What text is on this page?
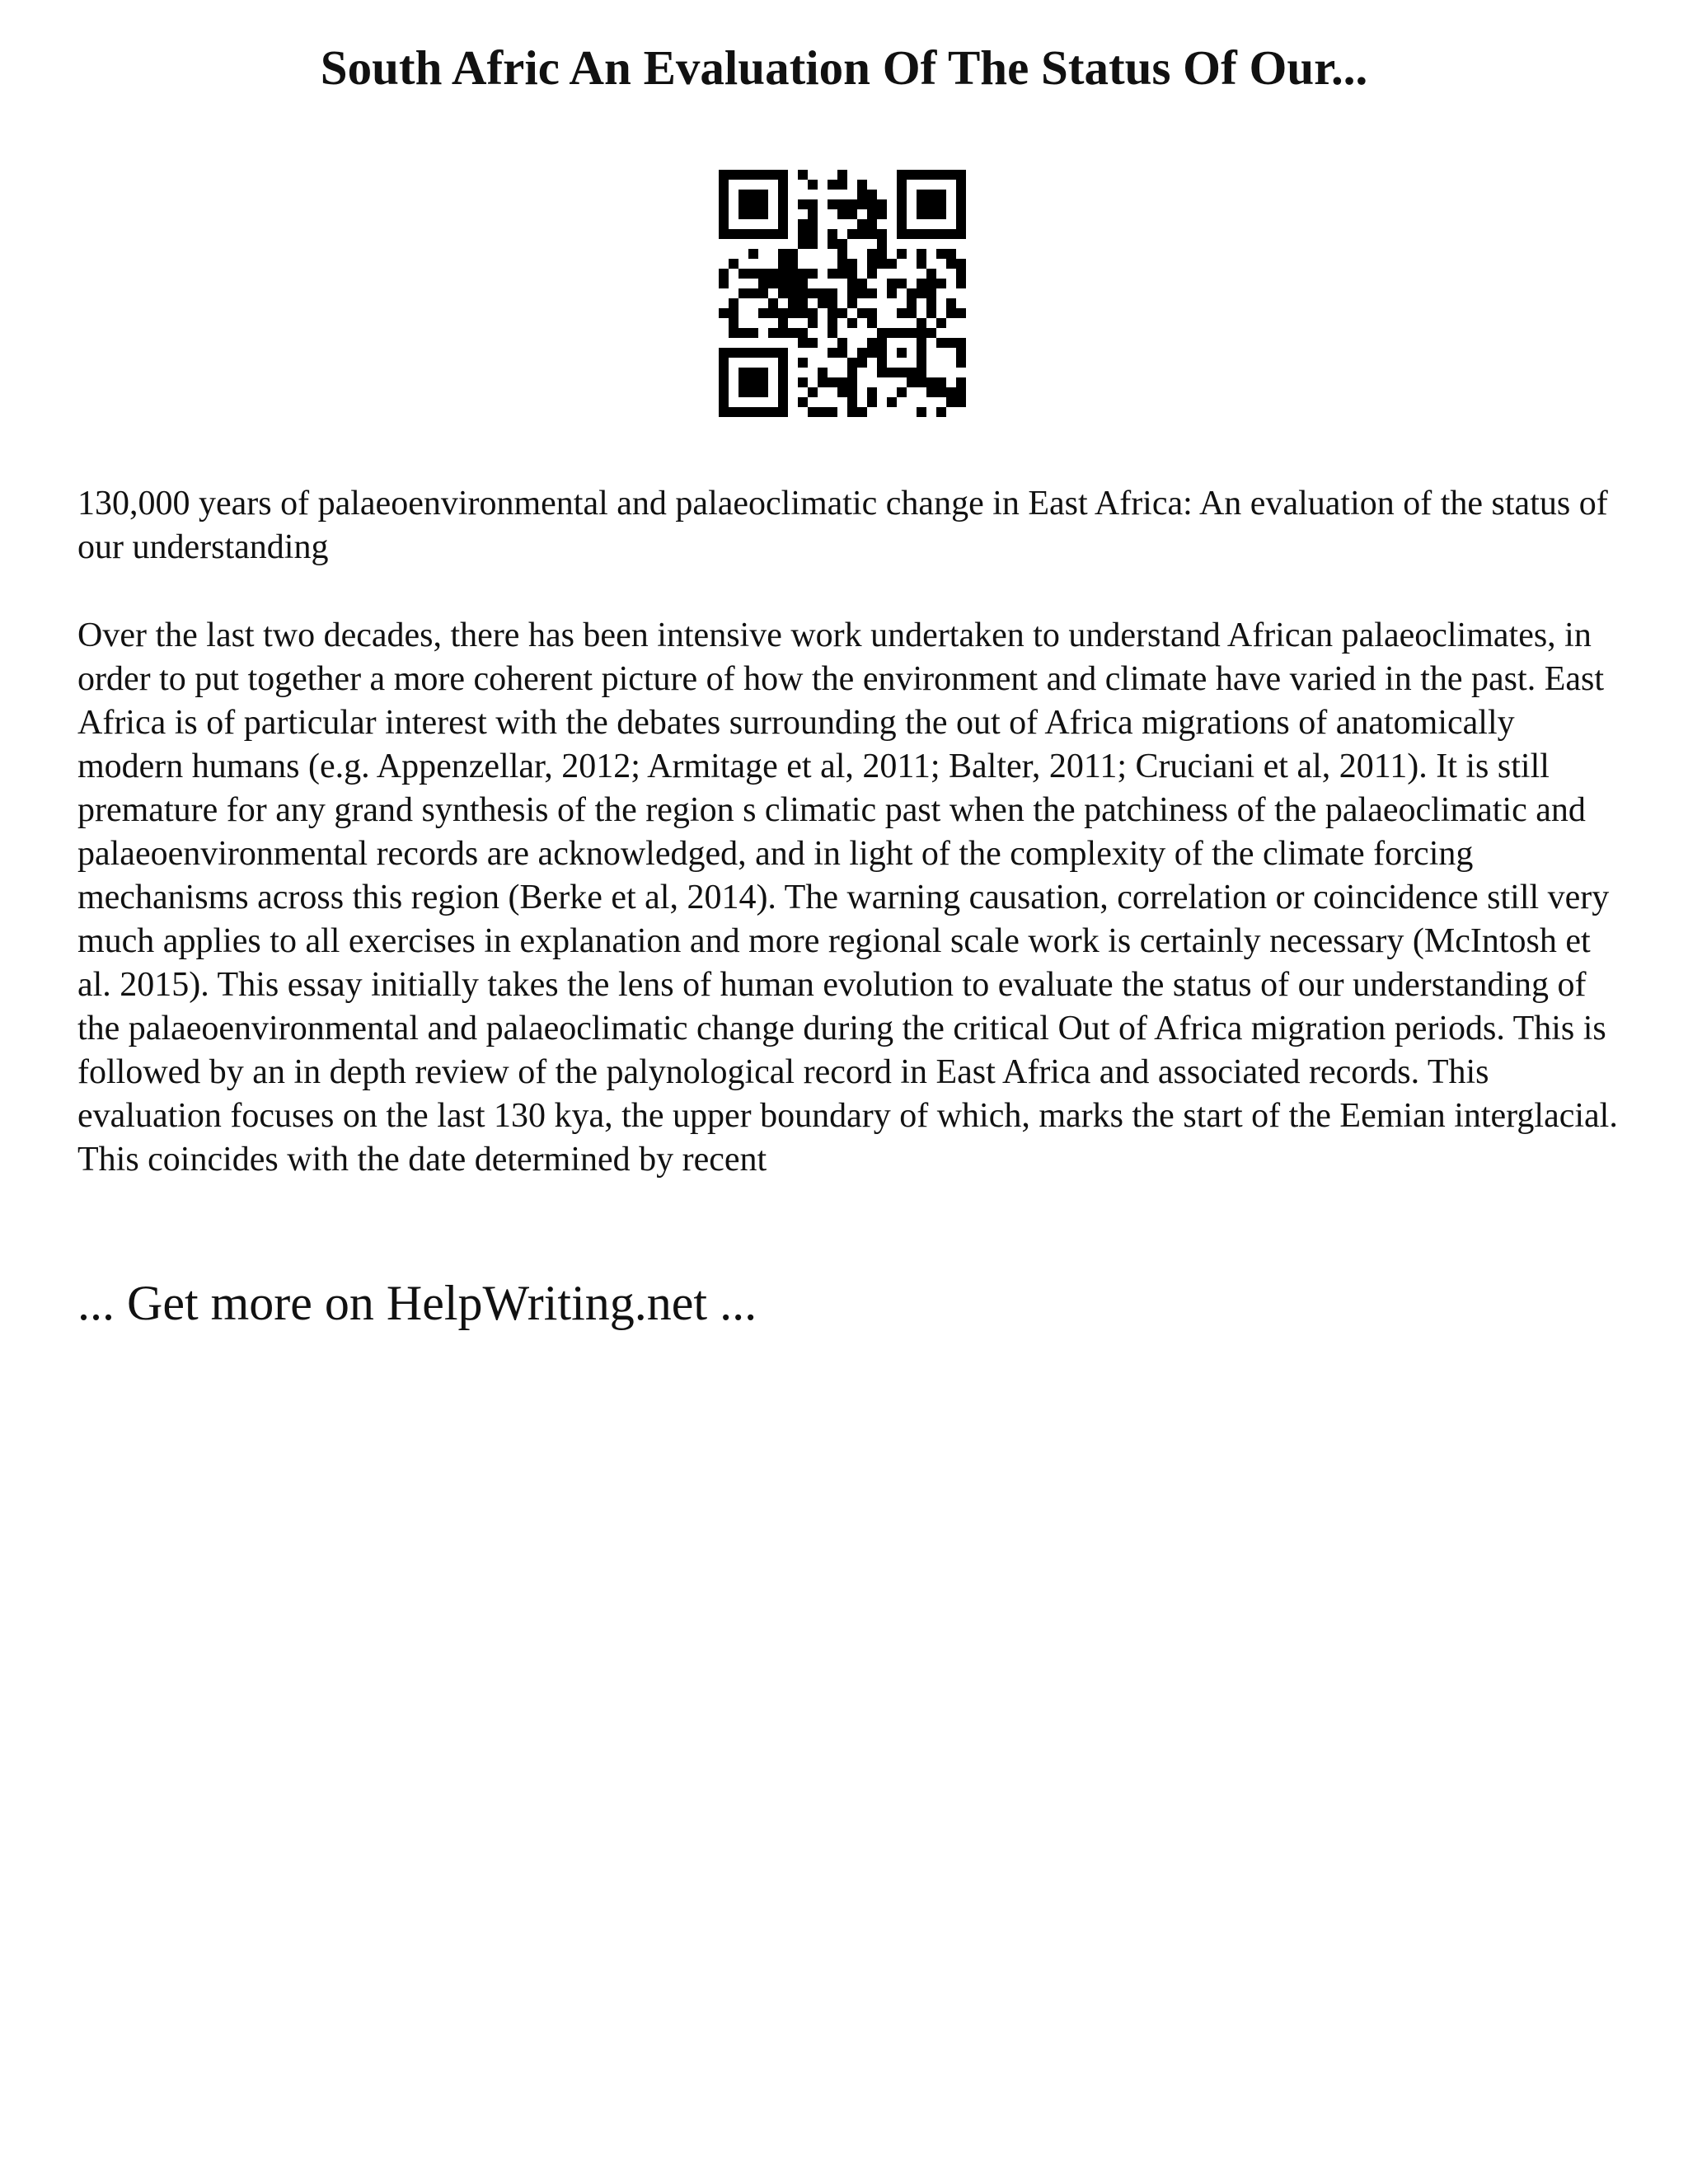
South Afric An Evaluation Of The Status Of Our...

130,000 years of palaeoenvironmental and palaeoclimatic change in East Africa: An evaluation of the status of our understanding

Over the last two decades, there has been intensive work undertaken to understand African palaeoclimates, in order to put together a more coherent picture of how the environment and climate have varied in the past. East Africa is of particular interest with the debates surrounding the out of Africa migrations of anatomically modern humans (e.g. Appenzellar, 2012; Armitage et al, 2011; Balter, 2011; Cruciani et al, 2011). It is still premature for any grand synthesis of the region s climatic past when the patchiness of the palaeoclimatic and palaeoenvironmental records are acknowledged, and in light of the complexity of the climate forcing mechanisms across this region (Berke et al, 2014). The warning causation, correlation or coincidence still very much applies to all exercises in explanation and more regional scale work is certainly necessary (McIntosh et al. 2015). This essay initially takes the lens of human evolution to evaluate the status of our understanding of the palaeoenvironmental and palaeoclimatic change during the critical Out of Africa migration periods. This is followed by an in depth review of the palynological record in East Africa and associated records. This evaluation focuses on the last 130 kya, the upper boundary of which, marks the start of the Eemian interglacial. This coincides with the date determined by recent

... Get more on HelpWriting.net ...
